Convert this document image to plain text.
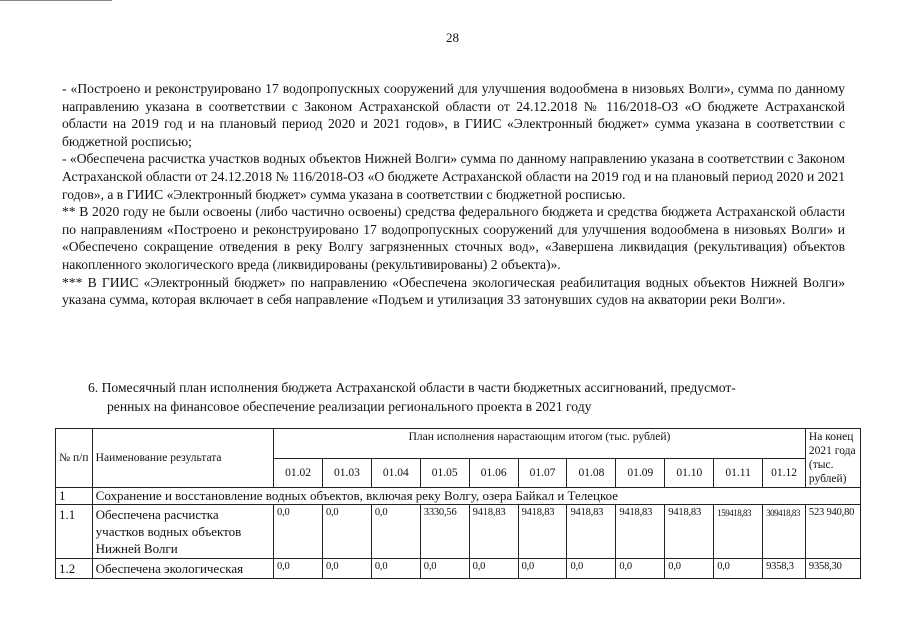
28

- «Построено и реконструировано 17 водопропускных сооружений для улучшения водообмена в низовьях Волги», сумма по данному направлению указана в соответствии с Законом Астраханской области от 24.12.2018 № 116/2018-ОЗ «О бюджете Астраханской области на 2019 год и на плановый период 2020 и 2021 годов», в ГИИС «Электронный бюджет» сумма указана в соответствии с бюджетной росписью;

- «Обеспечена расчистка участков водных объектов Нижней Волги» сумма по данному направлению указана в соответствии с Законом Астраханской области от 24.12.2018 № 116/2018-ОЗ «О бюджете Астраханской области на 2019 год и на плановый период 2020 и 2021 годов», а в ГИИС «Электронный бюджет» сумма указана в соответствии с бюджетной росписью.

** В 2020 году не были освоены (либо частично освоены) средства федерального бюджета и средства бюджета Астраханской области по направлениям «Построено и реконструировано 17 водопропускных сооружений для улучшения водообмена в низовьях Волги» и «Обеспечено сокращение отведения в реку Волгу загрязненных сточных вод», «Завершена ликвидация (рекультивация) объектов накопленного экологического вреда (ликвидированы (рекультивированы) 2 объекта)».

*** В ГИИС «Электронный бюджет» по направлению «Обеспечена экологическая реабилитация водных объектов Нижней Волги» указана сумма, которая включает в себя направление «Подъем и утилизация 33 затонувших судов на акватории реки Волги».

6. Помесячный план исполнения бюджета Астраханской области в части бюджетных ассигнований, предусмот-
ренных на финансовое обеспечение реализации регионального проекта в 2021 году
№ п/п	Наименование результата	План исполнения нарастающим итогом (тыс. рублей)											На конец 2021 года (тыс. рублей)
		01.02	01.03	01.04	01.05	01.06	01.07	01.08	01.09	01.10	01.11	01.12	
1	Сохранение и восстановление водных объектов, включая реку Волгу, озера Байкал и Телецкое												
1.1	Обеспечена расчистка участков водных объектов Нижней Волги	0,0	0,0	0,0	3330,56	9418,83	9418,83	9418,83	9418,83	9418,83	159418,83	309418,83	523 940,80
1.2	Обеспечена экологическая	0,0	0,0	0,0	0,0	0,0	0,0	0,0	0,0	0,0	0,0	9358,3	9358,30
